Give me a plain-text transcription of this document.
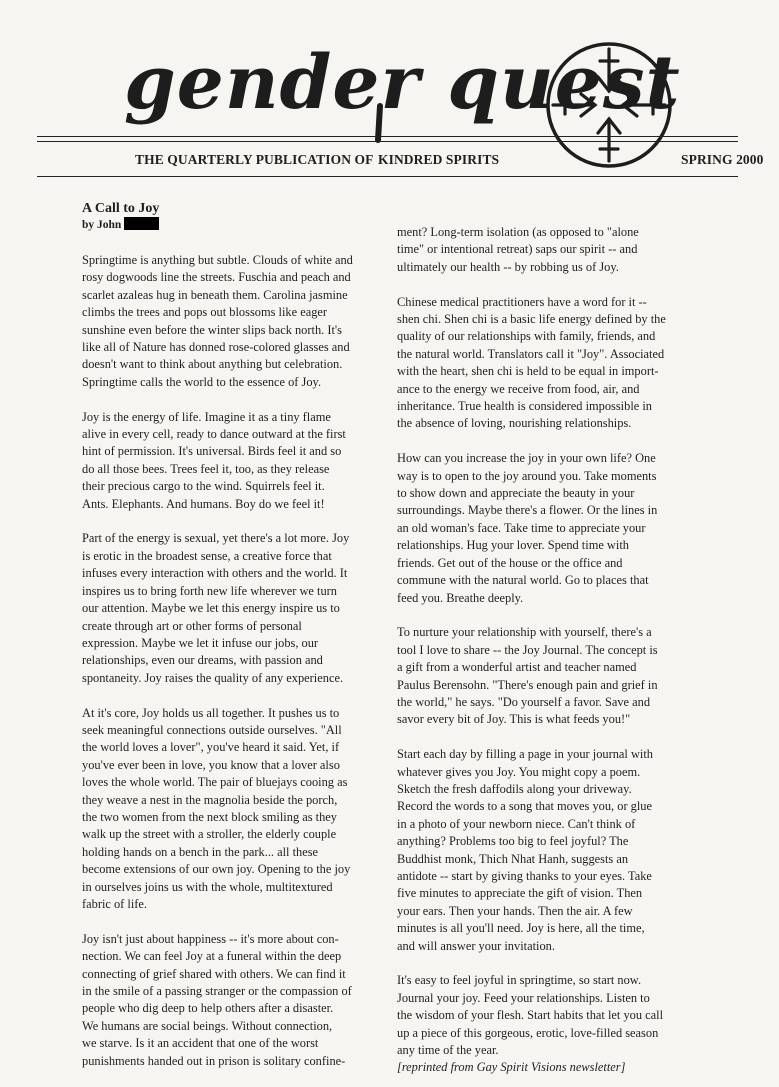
gender quest
THE QUARTERLY PUBLICATION OF KINDRED SPIRITS	SPRING 2000
A Call to Joy
by John

Springtime is anything but subtle. Clouds of white and
rosy dogwoods line the streets. Fuschia and peach and
scarlet azaleas hug in beneath them. Carolina jasmine
climbs the trees and pops out blossoms like eager
sunshine even before the winter slips back north. It's
like all of Nature has donned rose-colored glasses and
doesn't want to think about anything but celebration.
Springtime calls the world to the essence of Joy.

Joy is the energy of life. Imagine it as a tiny flame
alive in every cell, ready to dance outward at the first
hint of permission. It's universal. Birds feel it and so
do all those bees. Trees feel it, too, as they release
their precious cargo to the wind. Squirrels feel it.
Ants. Elephants. And humans. Boy do we feel it!

Part of the energy is sexual, yet there's a lot more. Joy
is erotic in the broadest sense, a creative force that
infuses every interaction with others and the world. It
inspires us to bring forth new life wherever we turn
our attention. Maybe we let this energy inspire us to
create through art or other forms of personal
expression. Maybe we let it infuse our jobs, our
relationships, even our dreams, with passion and
spontaneity. Joy raises the quality of any experience.

At it's core, Joy holds us all together. It pushes us to
seek meaningful connections outside ourselves. "All
the world loves a lover", you've heard it said. Yet, if
you've ever been in love, you know that a lover also
loves the whole world. The pair of bluejays cooing as
they weave a nest in the magnolia beside the porch,
the two women from the next block smiling as they
walk up the street with a stroller, the elderly couple
holding hands on a bench in the park... all these
become extensions of our own joy. Opening to the joy
in ourselves joins us with the whole, multitextured
fabric of life.

Joy isn't just about happiness -- it's more about con-
nection. We can feel Joy at a funeral within the deep
connecting of grief shared with others. We can find it
in the smile of a passing stranger or the compassion of
people who dig deep to help others after a disaster.
We humans are social beings. Without connection,
we starve. Is it an accident that one of the worst
punishments handed out in prison is solitary confine-

ment? Long-term isolation (as opposed to "alone
time" or intentional retreat) saps our spirit -- and
ultimately our health -- by robbing us of Joy.

Chinese medical practitioners have a word for it --
shen chi. Shen chi is a basic life energy defined by the
quality of our relationships with family, friends, and
the natural world. Translators call it "Joy". Associated
with the heart, shen chi is held to be equal in import-
ance to the energy we receive from food, air, and
inheritance. True health is considered impossible in
the absence of loving, nourishing relationships.

How can you increase the joy in your own life? One
way is to open to the joy around you. Take moments
to show down and appreciate the beauty in your
surroundings. Maybe there's a flower. Or the lines in
an old woman's face. Take time to appreciate your
relationships. Hug your lover. Spend time with
friends. Get out of the house or the office and
commune with the natural world. Go to places that
feed you. Breathe deeply.

To nurture your relationship with yourself, there's a
tool I love to share -- the Joy Journal. The concept is
a gift from a wonderful artist and teacher named
Paulus Berensohn. "There's enough pain and grief in
the world," he says. "Do yourself a favor. Save and
savor every bit of Joy. This is what feeds you!"

Start each day by filling a page in your journal with
whatever gives you Joy. You might copy a poem.
Sketch the fresh daffodils along your driveway.
Record the words to a song that moves you, or glue
in a photo of your newborn niece. Can't think of
anything? Problems too big to feel joyful? The
Buddhist monk, Thich Nhat Hanh, suggests an
antidote -- start by giving thanks to your eyes. Take
five minutes to appreciate the gift of vision. Then
your ears. Then your hands. Then the air. A few
minutes is all you'll need. Joy is here, all the time,
and will answer your invitation.

It's easy to feel joyful in springtime, so start now.
Journal your joy. Feed your relationships. Listen to
the wisdom of your flesh. Start habits that let you call
up a piece of this gorgeous, erotic, love-filled season
any time of the year.

[reprinted from Gay Spirit Visions newsletter]
